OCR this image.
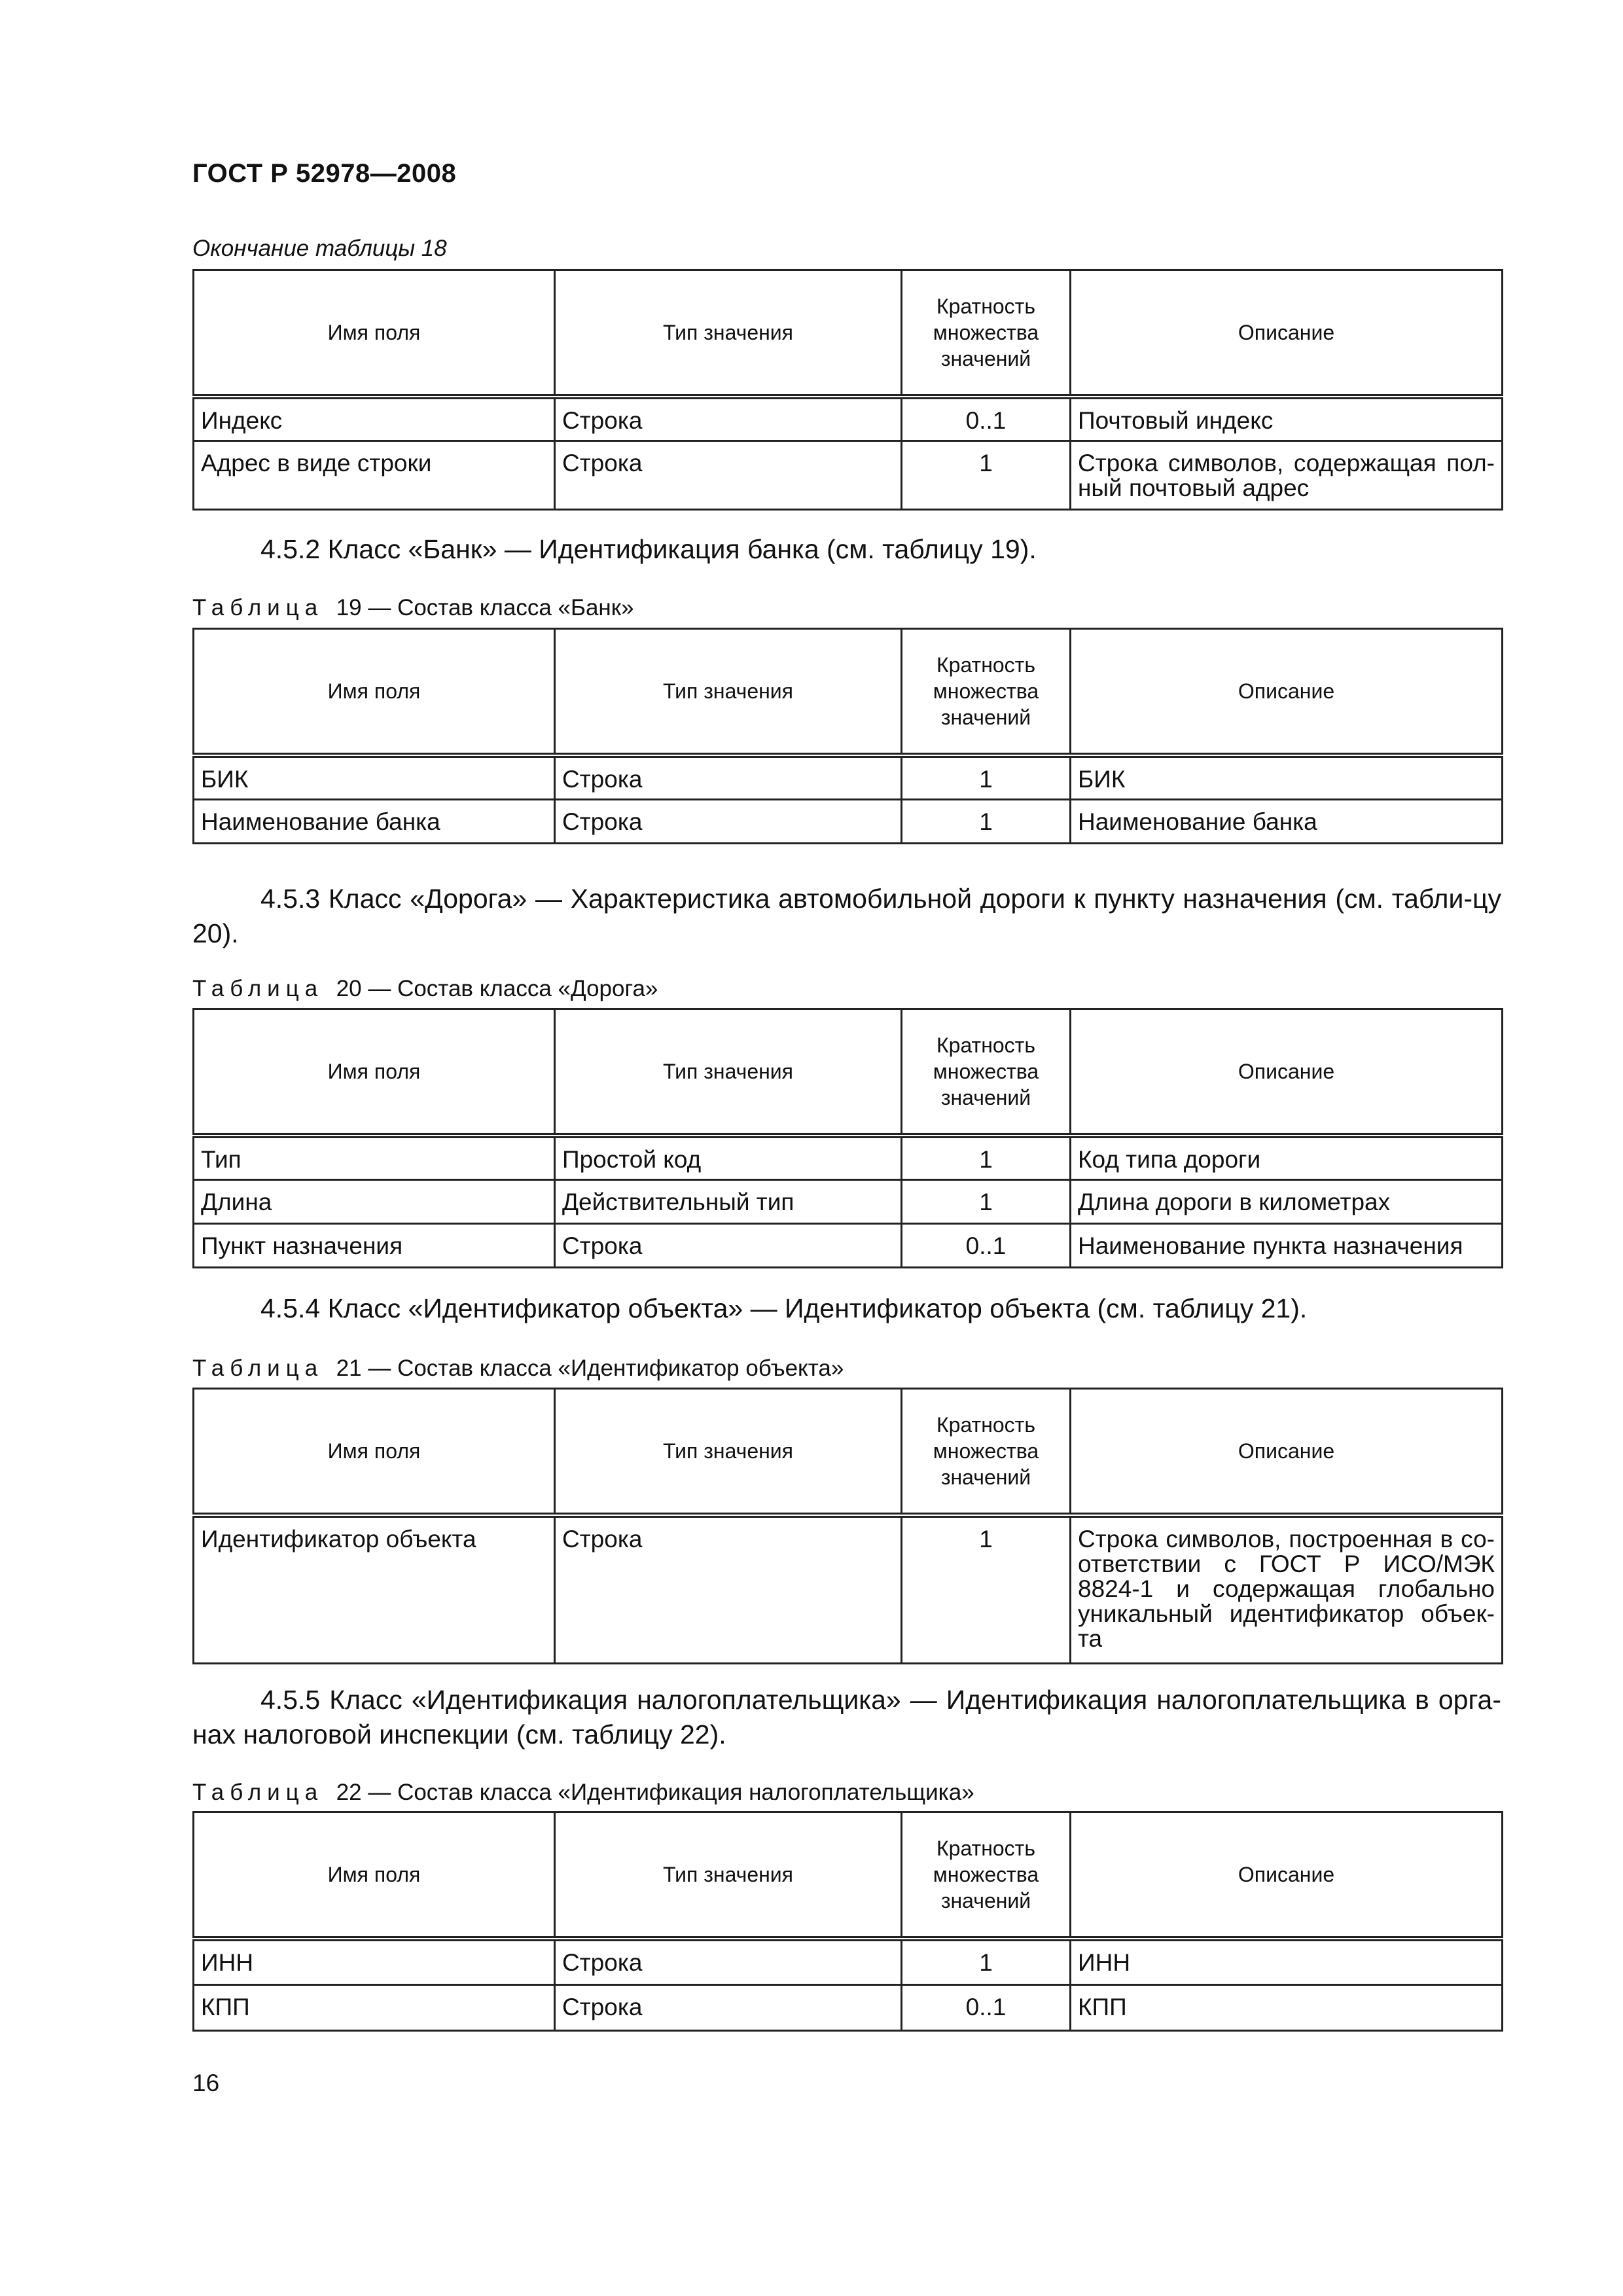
ГОСТ Р 52978—2008
Окончание таблицы 18
Имя поля	Тип значения	Кратность
множества
значений	Описание
Индекс	Строка	0..1	Почтовый индекс
Адрес в виде строки	Строка	1	Строка символов, содержащая пол-ный почтовый адрес
4.5.2 Класс «Банк» — Идентификация банка (см. таблицу 19).
Таблица 19 — Состав класса «Банк»
Имя поля	Тип значения	Кратность
множества
значений	Описание
БИК	Строка	1	БИК
Наименование банка	Строка	1	Наименование банка
4.5.3 Класс «Дорога» — Характеристика автомобильной дороги к пункту назначения (см. табли-цу 20).
Таблица 20 — Состав класса «Дорога»
Имя поля	Тип значения	Кратность
множества
значений	Описание
Тип	Простой код	1	Код типа дороги
Длина	Действительный тип	1	Длина дороги в километрах
Пункт назначения	Строка	0..1	Наименование пункта назначения
4.5.4 Класс «Идентификатор объекта» — Идентификатор объекта (см. таблицу 21).
Таблица 21 — Состав класса «Идентификатор объекта»
Имя поля	Тип значения	Кратность
множества
значений	Описание
Идентификатор объекта	Строка	1	Строка символов, построенная в со-ответствии с ГОСТ Р ИСО/МЭК 8824-1 и содержащая глобально уникальный идентификатор объек-та
4.5.5 Класс «Идентификация налогоплательщика» — Идентификация налогоплательщика в орга-нах налоговой инспекции (см. таблицу 22).
Таблица 22 — Состав класса «Идентификация налогоплательщика»
Имя поля	Тип значения	Кратность
множества
значений	Описание
ИНН	Строка	1	ИНН
КПП	Строка	0..1	КПП
16
